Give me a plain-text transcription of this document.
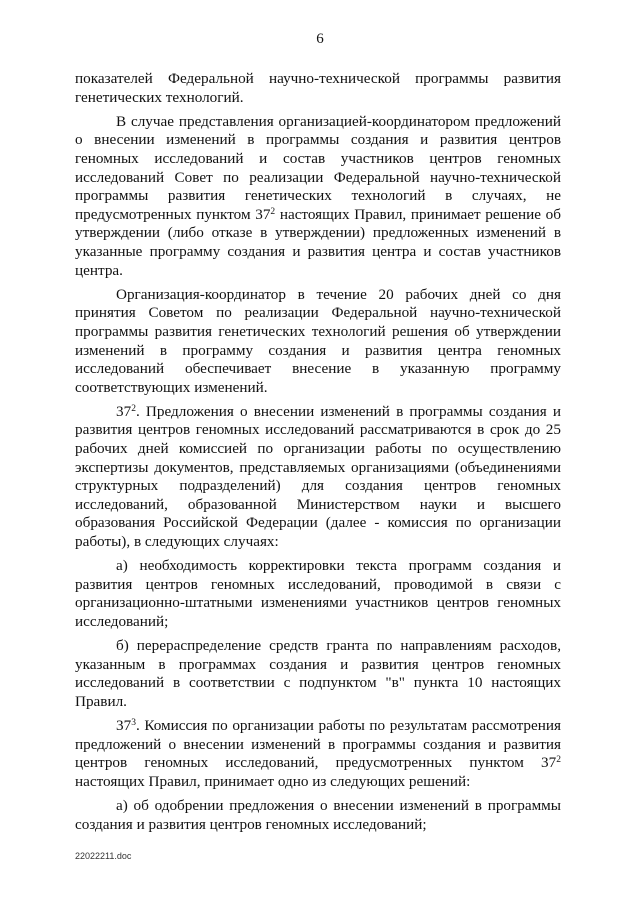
6

показателей Федеральной научно-технической программы развития генетических технологий.

В случае представления организацией-координатором предложений о внесении изменений в программы создания и развития центров геномных исследований и состав участников центров геномных исследований Совет по реализации Федеральной научно-технической программы развития генетических технологий в случаях, не предусмотренных пунктом $37^2$ настоящих Правил, принимает решение об утверждении (либо отказе в утверждении) предложенных изменений в указанные программу создания и развития центра и состав участников центра.

Организация-координатор в течение 20 рабочих дней со дня принятия Советом по реализации Федеральной научно-технической программы развития генетических технологий решения об утверждении изменений в программу создания и развития центра геномных исследований обеспечивает внесение в указанную программу соответствующих изменений.

$37^2$. Предложения о внесении изменений в программы создания и развития центров геномных исследований рассматриваются в срок до 25 рабочих дней комиссией по организации работы по осуществлению экспертизы документов, представляемых организациями (объединениями структурных подразделений) для создания центров геномных исследований, образованной Министерством науки и высшего образования Российской Федерации (далее - комиссия по организации работы), в следующих случаях:

а) необходимость корректировки текста программ создания и развития центров геномных исследований, проводимой в связи с организационно-штатными изменениями участников центров геномных исследований;

б) перераспределение средств гранта по направлениям расходов, указанным в программах создания и развития центров геномных исследований в соответствии с подпунктом "в" пункта 10 настоящих Правил.

$37^3$. Комиссия по организации работы по результатам рассмотрения предложений о внесении изменений в программы создания и развития центров геномных исследований, предусмотренных пунктом $37^2$ настоящих Правил, принимает одно из следующих решений:

а) об одобрении предложения о внесении изменений в программы создания и развития центров геномных исследований;

22022211.doc
